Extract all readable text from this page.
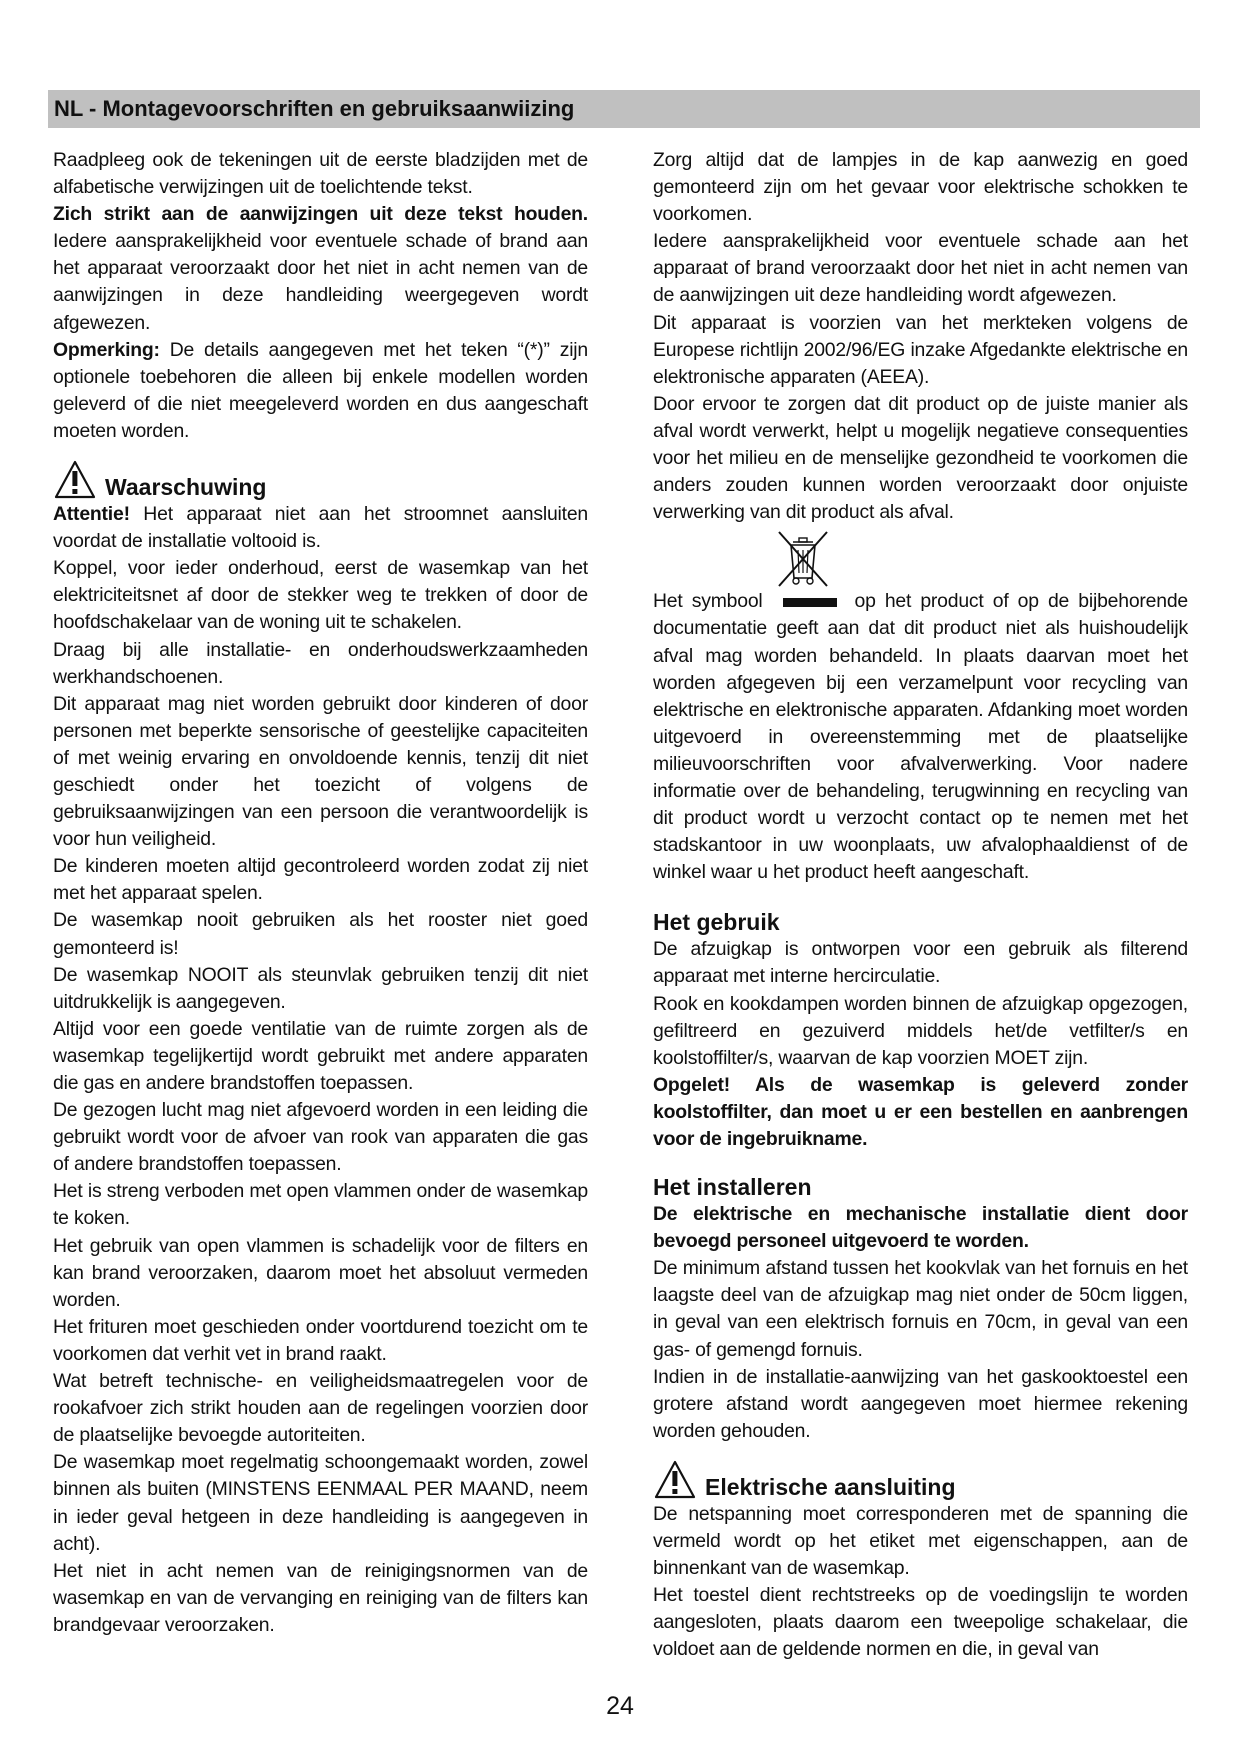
NL - Montagevoorschriften en gebruiksaanwiizing

Raadpleeg ook de tekeningen uit de eerste bladzijden met de alfabetische verwijzingen uit de toelichtende tekst.

Zich strikt aan de aanwijzingen uit deze tekst houden. Iedere aansprakelijkheid voor eventuele schade of brand aan het apparaat veroorzaakt door het niet in acht nemen van de aanwijzingen in deze handleiding weergegeven wordt afgewezen.

Opmerking: De details aangegeven met het teken “(*)” zijn optionele toebehoren die alleen bij enkele modellen worden geleverd of die niet meegeleverd worden en dus aangeschaft moeten worden.

Waarschuwing

Attentie! Het apparaat niet aan het stroomnet aansluiten voordat de installatie voltooid is.

Koppel, voor ieder onderhoud, eerst de wasemkap van het elektriciteitsnet af door de stekker weg te trekken of door de hoofdschakelaar van de woning uit te schakelen.

Draag bij alle installatie- en onderhoudswerkzaamheden werkhandschoenen.

Dit apparaat mag niet worden gebruikt door kinderen of door personen met beperkte sensorische of geestelijke capaciteiten of met weinig ervaring en onvoldoende kennis, tenzij dit niet geschiedt onder het toezicht of volgens de gebruiksaanwijzingen van een persoon die verantwoordelijk is voor hun veiligheid.

De kinderen moeten altijd gecontroleerd worden zodat zij niet met het apparaat spelen.

De wasemkap nooit gebruiken als het rooster niet goed gemonteerd is!

De wasemkap NOOIT als steunvlak gebruiken tenzij dit niet uitdrukkelijk is aangegeven.

Altijd voor een goede ventilatie van de ruimte zorgen als de wasemkap tegelijkertijd wordt gebruikt met andere apparaten die gas en andere brandstoffen toepassen.

De gezogen lucht mag niet afgevoerd worden in een leiding die gebruikt wordt voor de afvoer van rook van apparaten die gas of andere brandstoffen toepassen.

Het is streng verboden met open vlammen onder de wasemkap te koken.

Het gebruik van open vlammen is schadelijk voor de filters en kan brand veroorzaken, daarom moet het absoluut vermeden worden.

Het frituren moet geschieden onder voortdurend toezicht om te voorkomen dat verhit vet in brand raakt.

Wat betreft technische- en veiligheidsmaatregelen voor de rookafvoer zich strikt houden aan de regelingen voorzien door de plaatselijke bevoegde autoriteiten.

De wasemkap moet regelmatig schoongemaakt worden, zowel binnen als buiten (MINSTENS EENMAAL PER MAAND, neem in ieder geval hetgeen in deze handleiding is aangegeven in acht).

Het niet in acht nemen van de reinigingsnormen van de wasemkap en van de vervanging en reiniging van de filters kan brandgevaar veroorzaken.

Zorg altijd dat de lampjes in de kap aanwezig en goed gemonteerd zijn om het gevaar voor elektrische schokken te voorkomen.

Iedere aansprakelijkheid voor eventuele schade aan het apparaat of brand veroorzaakt door het niet in acht nemen van de aanwijzingen uit deze handleiding wordt afgewezen.

Dit apparaat is voorzien van het merkteken volgens de Europese richtlijn 2002/96/EG inzake Afgedankte elektrische en elektronische apparaten (AEEA).

Door ervoor te zorgen dat dit product op de juiste manier als afval wordt verwerkt, helpt u mogelijk negatieve consequenties voor het milieu en de menselijke gezondheid te voorkomen die anders zouden kunnen worden veroorzaakt door onjuiste verwerking van dit product als afval.

Het symbool	op het product of op de bijbehorende documentatie geeft aan dat dit product niet als huishoudelijk afval mag worden behandeld. In plaats daarvan moet het worden afgegeven bij een verzamelpunt voor recycling van elektrische en elektronische apparaten. Afdanking moet worden uitgevoerd in overeenstemming met de plaatselijke milieuvoorschriften voor afvalverwerking. Voor nadere informatie over de behandeling, terugwinning en recycling van dit product wordt u verzocht contact op te nemen met het stadskantoor in uw woonplaats, uw afvalophaaldienst of de winkel waar u het product heeft aangeschaft.

Het gebruik

De afzuigkap is ontworpen voor een gebruik als filterend apparaat met interne hercirculatie.

Rook en kookdampen worden binnen de afzuigkap opgezogen, gefiltreerd en gezuiverd middels het/de vetfilter/s en koolstoffilter/s, waarvan de kap voorzien MOET zijn.

Opgelet! Als de wasemkap is geleverd zonder koolstoffilter, dan moet u er een bestellen en aanbrengen voor de ingebruikname.

Het installeren

De elektrische en mechanische installatie dient door bevoegd personeel uitgevoerd te worden.

De minimum afstand tussen het kookvlak van het fornuis en het laagste deel van de afzuigkap mag niet onder de 50cm liggen, in geval van een elektrisch fornuis en 70cm, in geval van een gas- of gemengd fornuis.

Indien in de installatie-aanwijzing van het gaskooktoestel een grotere afstand wordt aangegeven moet hiermee rekening worden gehouden.

Elektrische aansluiting

De netspanning moet corresponderen met de spanning die vermeld wordt op het etiket met eigenschappen, aan de binnenkant van de wasemkap.

Het toestel dient rechtstreeks op de voedingslijn te worden aangesloten, plaats daarom een tweepolige schakelaar, die voldoet aan de geldende normen en die, in geval van

24
